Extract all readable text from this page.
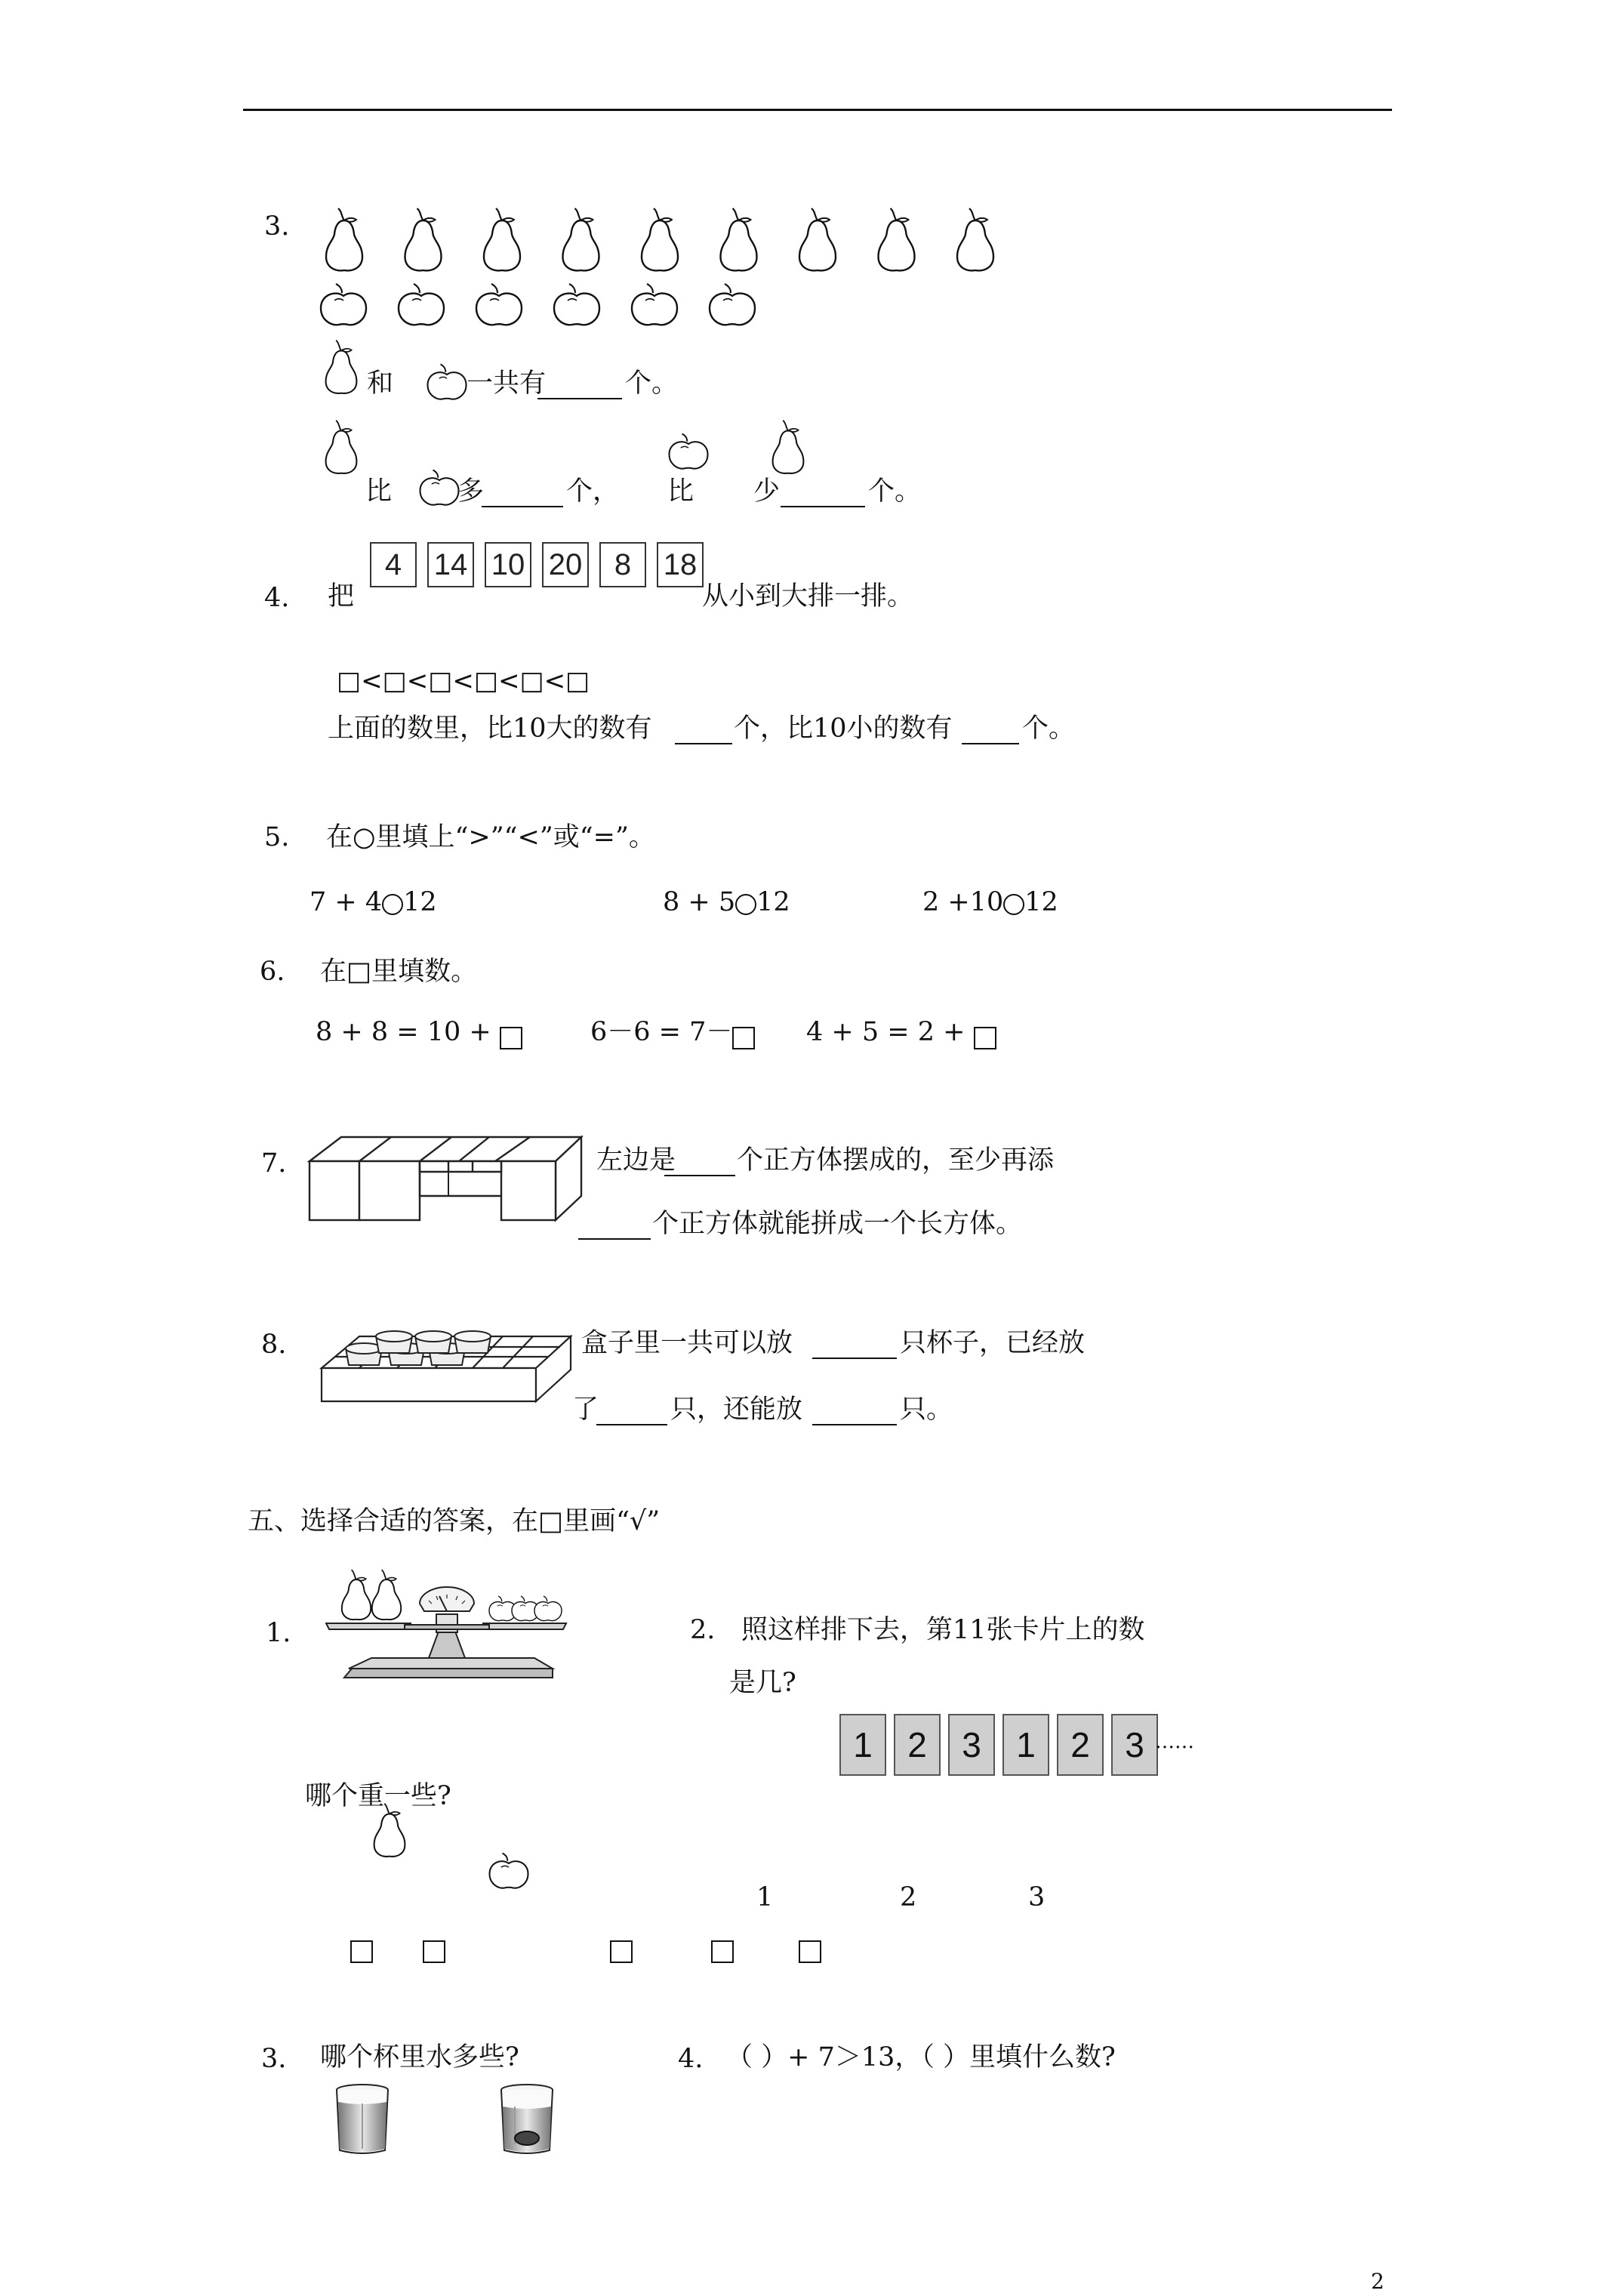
3.
和	一共有	个。
比 多	个， 比 少	个。
4. 把
4	14 10 20	8	18
从小到大排一排。
□<□<□<□<□<□
上面的数里，比10大的数有	个，比10小的数有	个。
5. 在○里填上“>”“<”或“=”。
7 + 4 12	8 + 5 12	2 +10 12
6. 在□里填数。
8 + 8 = 10 +	6－6 = 7－	4 + 5 = 2 +
7.	左边是 个正方体摆成的，至少再添
个正方体就能拼成一个长方体。
8.	盒子里一共可以放	只杯子，已经放
了	只，还能放	只。
五、选择合适的答案，在□里画“√”
1.
哪个重一些?
2. 照这样排下去，第11张卡片上的数
是几?
1	2	3	1	2	3 ……
1	2	3
3. 哪个杯里水多些?	4. （ ）+ 7＞13，（ ）里填什么数?
2
